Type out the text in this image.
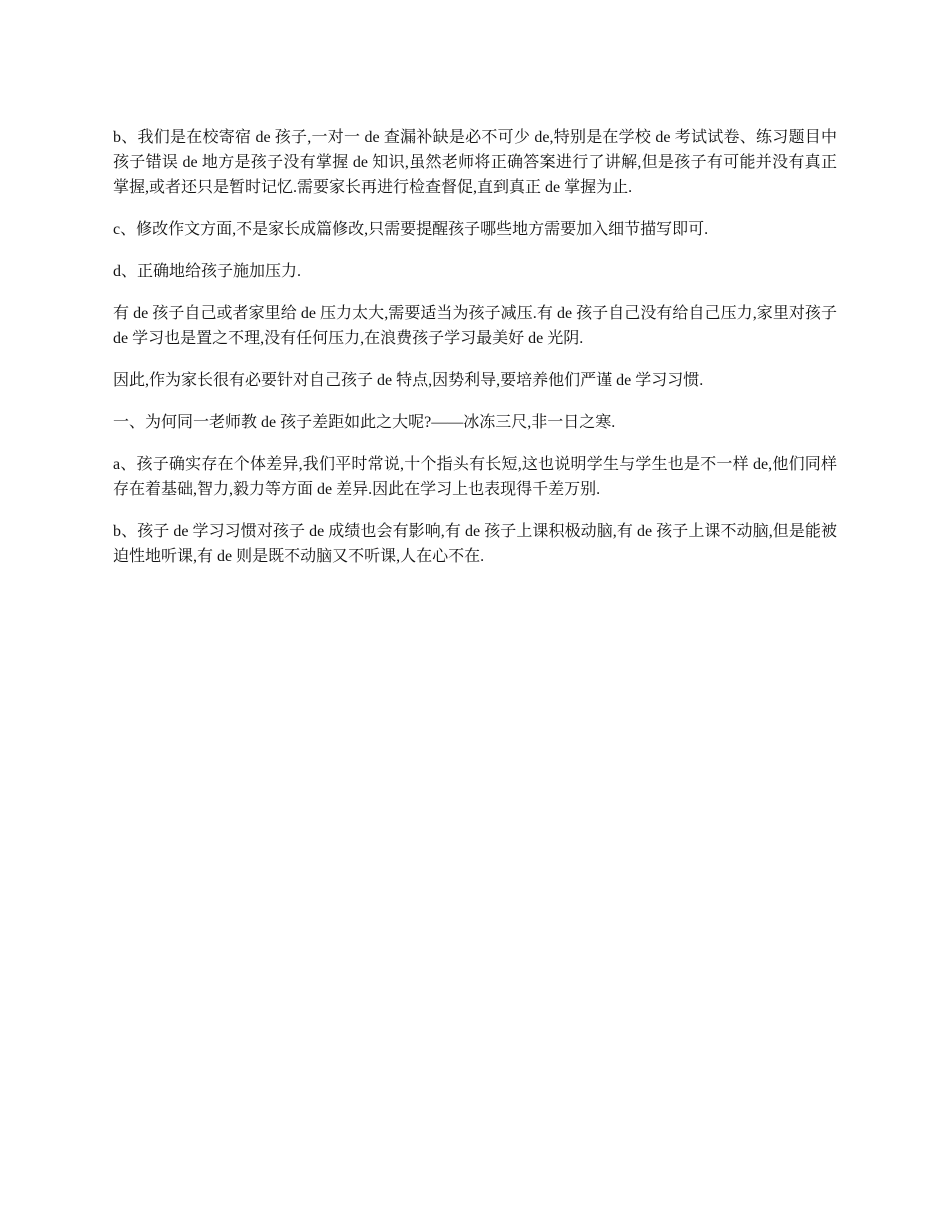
b、我们是在校寄宿 de 孩子,一对一 de 查漏补缺是必不可少 de,特别是在学校 de 考试试卷、练习题目中孩子错误 de 地方是孩子没有掌握 de 知识,虽然老师将正确答案进行了讲解,但是孩子有可能并没有真正掌握,或者还只是暂时记忆.需要家长再进行检查督促,直到真正 de 掌握为止.

c、修改作文方面,不是家长成篇修改,只需要提醒孩子哪些地方需要加入细节描写即可.

d、正确地给孩子施加压力.

有 de 孩子自己或者家里给 de 压力太大,需要适当为孩子减压.有 de 孩子自己没有给自己压力,家里对孩子 de 学习也是置之不理,没有任何压力,在浪费孩子学习最美好 de 光阴.

因此,作为家长很有必要针对自己孩子 de 特点,因势利导,要培养他们严谨 de 学习习惯.

一、为何同一老师教 de 孩子差距如此之大呢?——冰冻三尺,非一日之寒.

a、孩子确实存在个体差异,我们平时常说,十个指头有长短,这也说明学生与学生也是不一样 de,他们同样存在着基础,智力,毅力等方面 de 差异.因此在学习上也表现得千差万别.

b、孩子 de 学习习惯对孩子 de 成绩也会有影响,有 de 孩子上课积极动脑,有 de 孩子上课不动脑,但是能被迫性地听课,有 de 则是既不动脑又不听课,人在心不在.
